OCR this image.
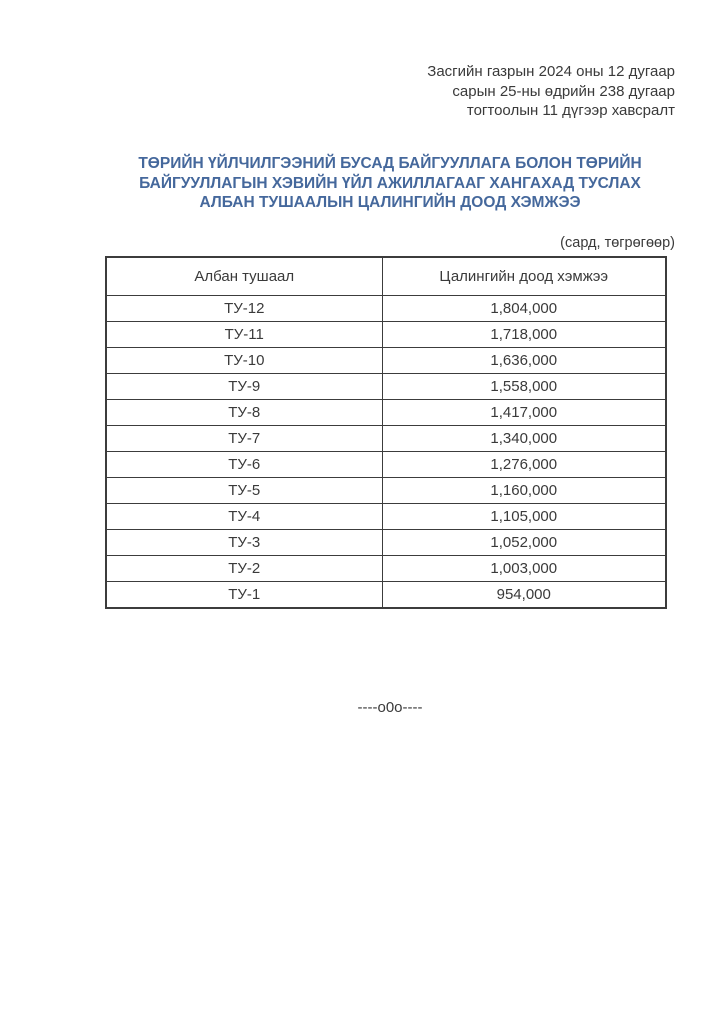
Засгийн газрын 2024 оны 12 дугаар
сарын 25-ны өдрийн 238 дугаар
тогтоолын 11 дүгээр хавсралт
ТӨРИЙН ҮЙЛЧИЛГЭЭНИЙ БУСАД БАЙГУУЛЛАГА БОЛОН ТӨРИЙН
БАЙГУУЛЛАГЫН ХЭВИЙН ҮЙЛ АЖИЛЛАГААГ ХАНГАХАД ТУСЛАХ
АЛБАН ТУШААЛЫН ЦАЛИНГИЙН ДООД ХЭМЖЭЭ
(сард, төгрөгөөр)
Албан тушаал	Цалингийн доод хэмжээ
ТУ-12	1,804,000
ТУ-11	1,718,000
ТУ-10	1,636,000
ТУ-9	1,558,000
ТУ-8	1,417,000
ТУ-7	1,340,000
ТУ-6	1,276,000
ТУ-5	1,160,000
ТУ-4	1,105,000
ТУ-3	1,052,000
ТУ-2	1,003,000
ТУ-1	954,000
----o0o----
